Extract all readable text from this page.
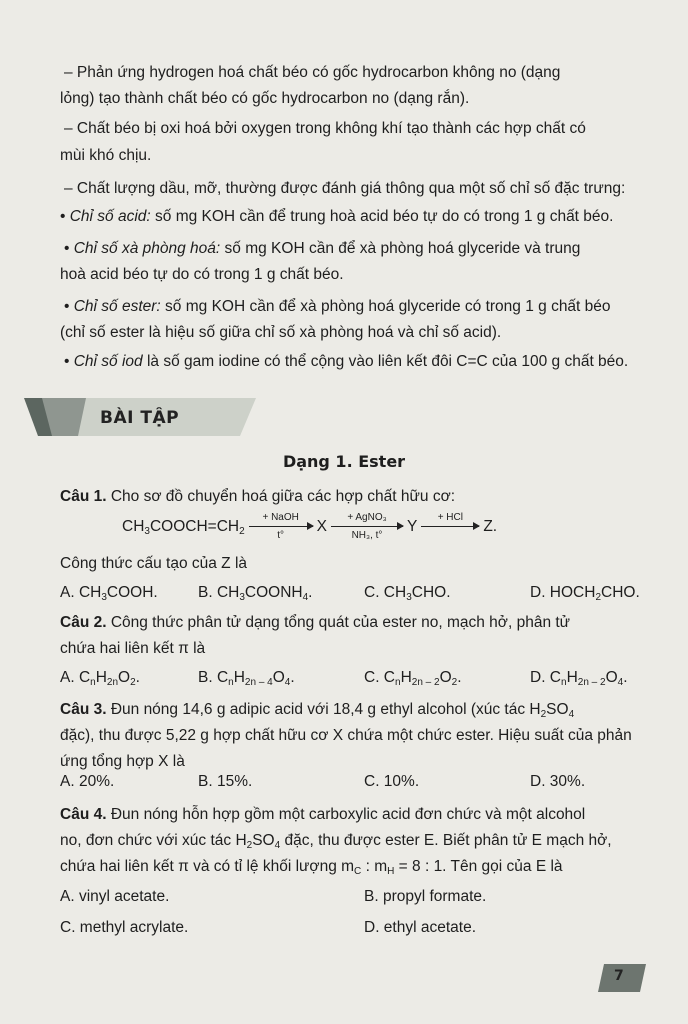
– Phản ứng hydrogen hoá chất béo có gốc hydrocarbon không no (dạng

lỏng) tạo thành chất béo có gốc hydrocarbon no (dạng rắn).

– Chất béo bị oxi hoá bởi oxygen trong không khí tạo thành các hợp chất có

mùi khó chịu.

– Chất lượng dầu, mỡ, thường được đánh giá thông qua một số chỉ số đặc trưng:

• Chỉ số acid: số mg KOH cần để trung hoà acid béo tự do có trong 1 g chất béo.

• Chỉ số xà phòng hoá: số mg KOH cần để xà phòng hoá glyceride và trung

hoà acid béo tự do có trong 1 g chất béo.

• Chỉ số ester: số mg KOH cần để xà phòng hoá glyceride có trong 1 g chất béo

(chỉ số ester là hiệu số giữa chỉ số xà phòng hoá và chỉ số acid).

• Chỉ số iod là số gam iodine có thể cộng vào liên kết đôi C=C của 100 g chất béo.

BÀI TẬP
Dạng 1. Ester

Câu 1. Cho sơ đồ chuyển hoá giữa các hợp chất hữu cơ:

$CH_3COOCH=CH_2$
+ NaOH
t°
X
+ AgNO₃
NH₃, t°
Y
+ HCl

Z.

Công thức cấu tạo của Z là

A. $CH_3COOH$.	B. $CH_3COONH_4$.	C. $CH_3CHO$.	D. $HOCH_2CHO$.

Câu 2. Công thức phân tử dạng tổng quát của ester no, mạch hở, phân tử

chứa hai liên kết π là

A. $C_nH_{2n}O_2$.	B. $C_nH_{2n - 4}O_4$.	C. $C_nH_{2n - 2}O_2$.	D. $C_nH_{2n - 2}O_4$.

Câu 3. Đun nóng 14,6 g adipic acid với 18,4 g ethyl alcohol (xúc tác $H_2SO_4$

đặc), thu được 5,22 g hợp chất hữu cơ X chứa một chức ester. Hiệu suất của phản

ứng tổng hợp X là

A. 20%.	B. 15%.	C. 10%.	D. 30%.

Câu 4. Đun nóng hỗn hợp gồm một carboxylic acid đơn chức và một alcohol

no, đơn chức với xúc tác $H_2SO_4$ đặc, thu được ester E. Biết phân tử E mạch hở,

chứa hai liên kết π và có tỉ lệ khối lượng $m_C$ : $m_H = 8$ : 1. Tên gọi của E là

A. vinyl acetate.	B. propyl formate.
C. methyl acrylate.	D. ethyl acetate.
7
